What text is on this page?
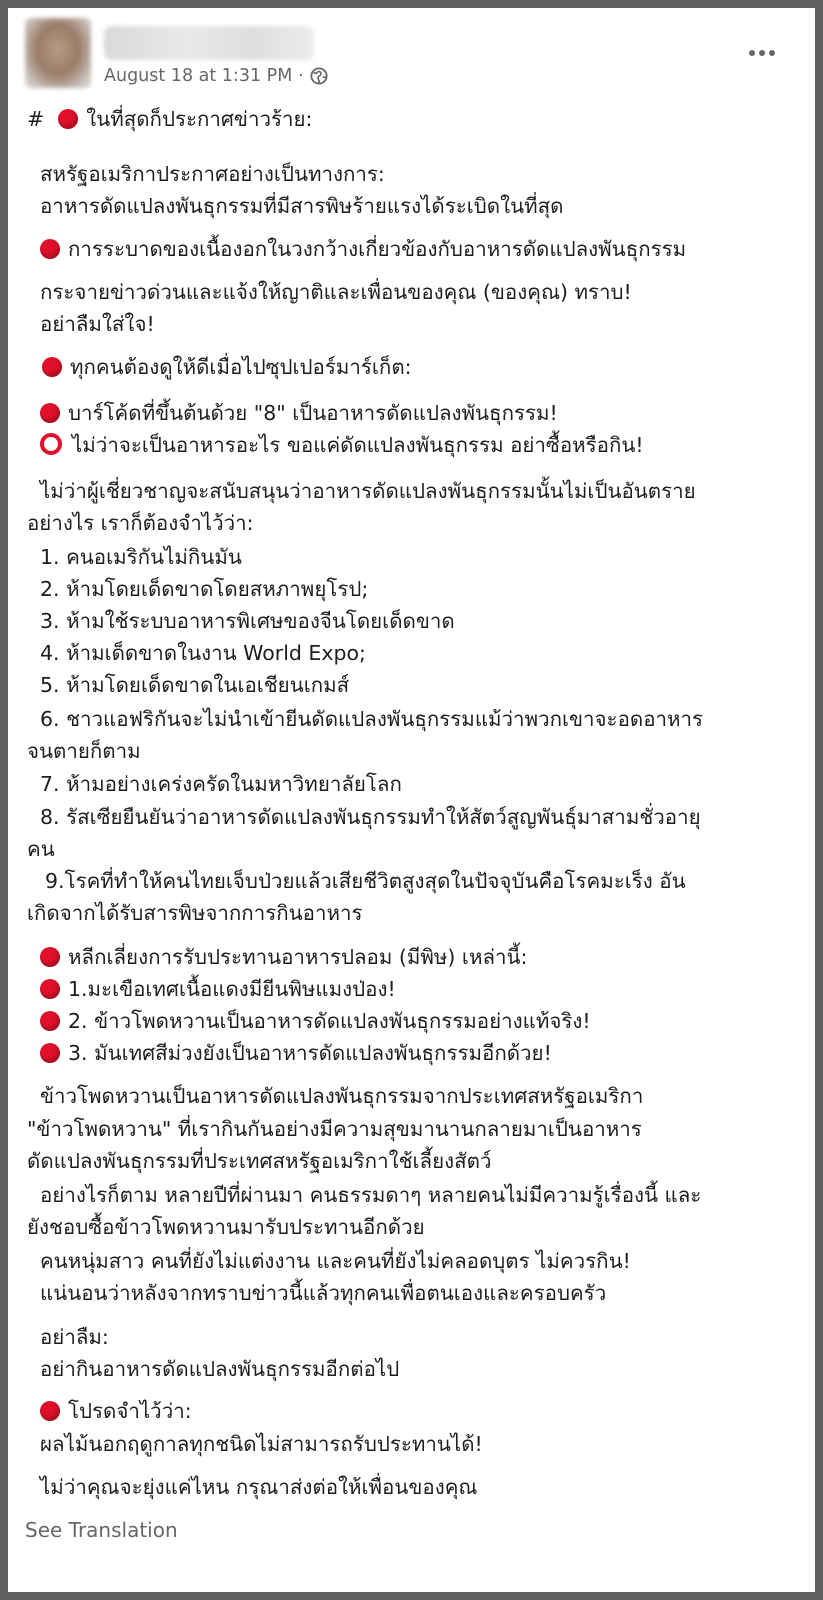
August 18 at 1:31 PM ·
# ในที่สุดก็ประกาศข่าวร้าย:
สหรัฐอเมริกาประกาศอย่างเป็นทางการ:
อาหารดัดแปลงพันธุกรรมที่มีสารพิษร้ายแรงได้ระเบิดในที่สุด
การระบาดของเนื้องอกในวงกว้างเกี่ยวข้องกับอาหารดัดแปลงพันธุกรรม
กระจายข่าวด่วนและแจ้งให้ญาติและเพื่อนของคุณ (ของคุณ) ทราบ!
อย่าลืมใส่ใจ!
ทุกคนต้องดูให้ดีเมื่อไปซุปเปอร์มาร์เก็ต:
บาร์โค้ดที่ขึ้นต้นด้วย "8" เป็นอาหารดัดแปลงพันธุกรรม!
ไม่ว่าจะเป็นอาหารอะไร ขอแค่ดัดแปลงพันธุกรรม อย่าซื้อหรือกิน!
ไม่ว่าผู้เชี่ยวชาญจะสนับสนุนว่าอาหารดัดแปลงพันธุกรรมนั้นไม่เป็นอันตราย
อย่างไร เราก็ต้องจำไว้ว่า:
1. คนอเมริกันไม่กินมัน
2. ห้ามโดยเด็ดขาดโดยสหภาพยุโรป;
3. ห้ามใช้ระบบอาหารพิเศษของจีนโดยเด็ดขาด
4. ห้ามเด็ดขาดในงาน World Expo;
5. ห้ามโดยเด็ดขาดในเอเชียนเกมส์
6. ชาวแอฟริกันจะไม่นำเข้ายีนดัดแปลงพันธุกรรมแม้ว่าพวกเขาจะอดอาหาร
จนตายก็ตาม
7. ห้ามอย่างเคร่งครัดในมหาวิทยาลัยโลก
8. รัสเซียยืนยันว่าอาหารดัดแปลงพันธุกรรมทำให้สัตว์สูญพันธุ์มาสามชั่วอายุ
คน
9.โรคที่ทำให้คนไทยเจ็บป่วยแล้วเสียชีวิตสูงสุดในปัจจุบันคือโรคมะเร็ง อัน
เกิดจากได้รับสารพิษจากการกินอาหาร
หลีกเลี่ยงการรับประทานอาหารปลอม (มีพิษ) เหล่านี้:
1.มะเขือเทศเนื้อแดงมียีนพิษแมงป่อง!
2. ข้าวโพดหวานเป็นอาหารดัดแปลงพันธุกรรมอย่างแท้จริง!
3. มันเทศสีม่วงยังเป็นอาหารดัดแปลงพันธุกรรมอีกด้วย!
ข้าวโพดหวานเป็นอาหารดัดแปลงพันธุกรรมจากประเทศสหรัฐอเมริกา
"ข้าวโพดหวาน" ที่เรากินกันอย่างมีความสุขมานานกลายมาเป็นอาหาร
ดัดแปลงพันธุกรรมที่ประเทศสหรัฐอเมริกาใช้เลี้ยงสัตว์
อย่างไรก็ตาม หลายปีที่ผ่านมา คนธรรมดาๆ หลายคนไม่มีความรู้เรื่องนี้ และ
ยังชอบซื้อข้าวโพดหวานมารับประทานอีกด้วย
คนหนุ่มสาว คนที่ยังไม่แต่งงาน และคนที่ยังไม่คลอดบุตร ไม่ควรกิน!
แน่นอนว่าหลังจากทราบข่าวนี้แล้วทุกคนเพื่อตนเองและครอบครัว
อย่าลืม:
อย่ากินอาหารดัดแปลงพันธุกรรมอีกต่อไป
โปรดจำไว้ว่า:
ผลไม้นอกฤดูกาลทุกชนิดไม่สามารถรับประทานได้!
ไม่ว่าคุณจะยุ่งแค่ไหน กรุณาส่งต่อให้เพื่อนของคุณ
See Translation
